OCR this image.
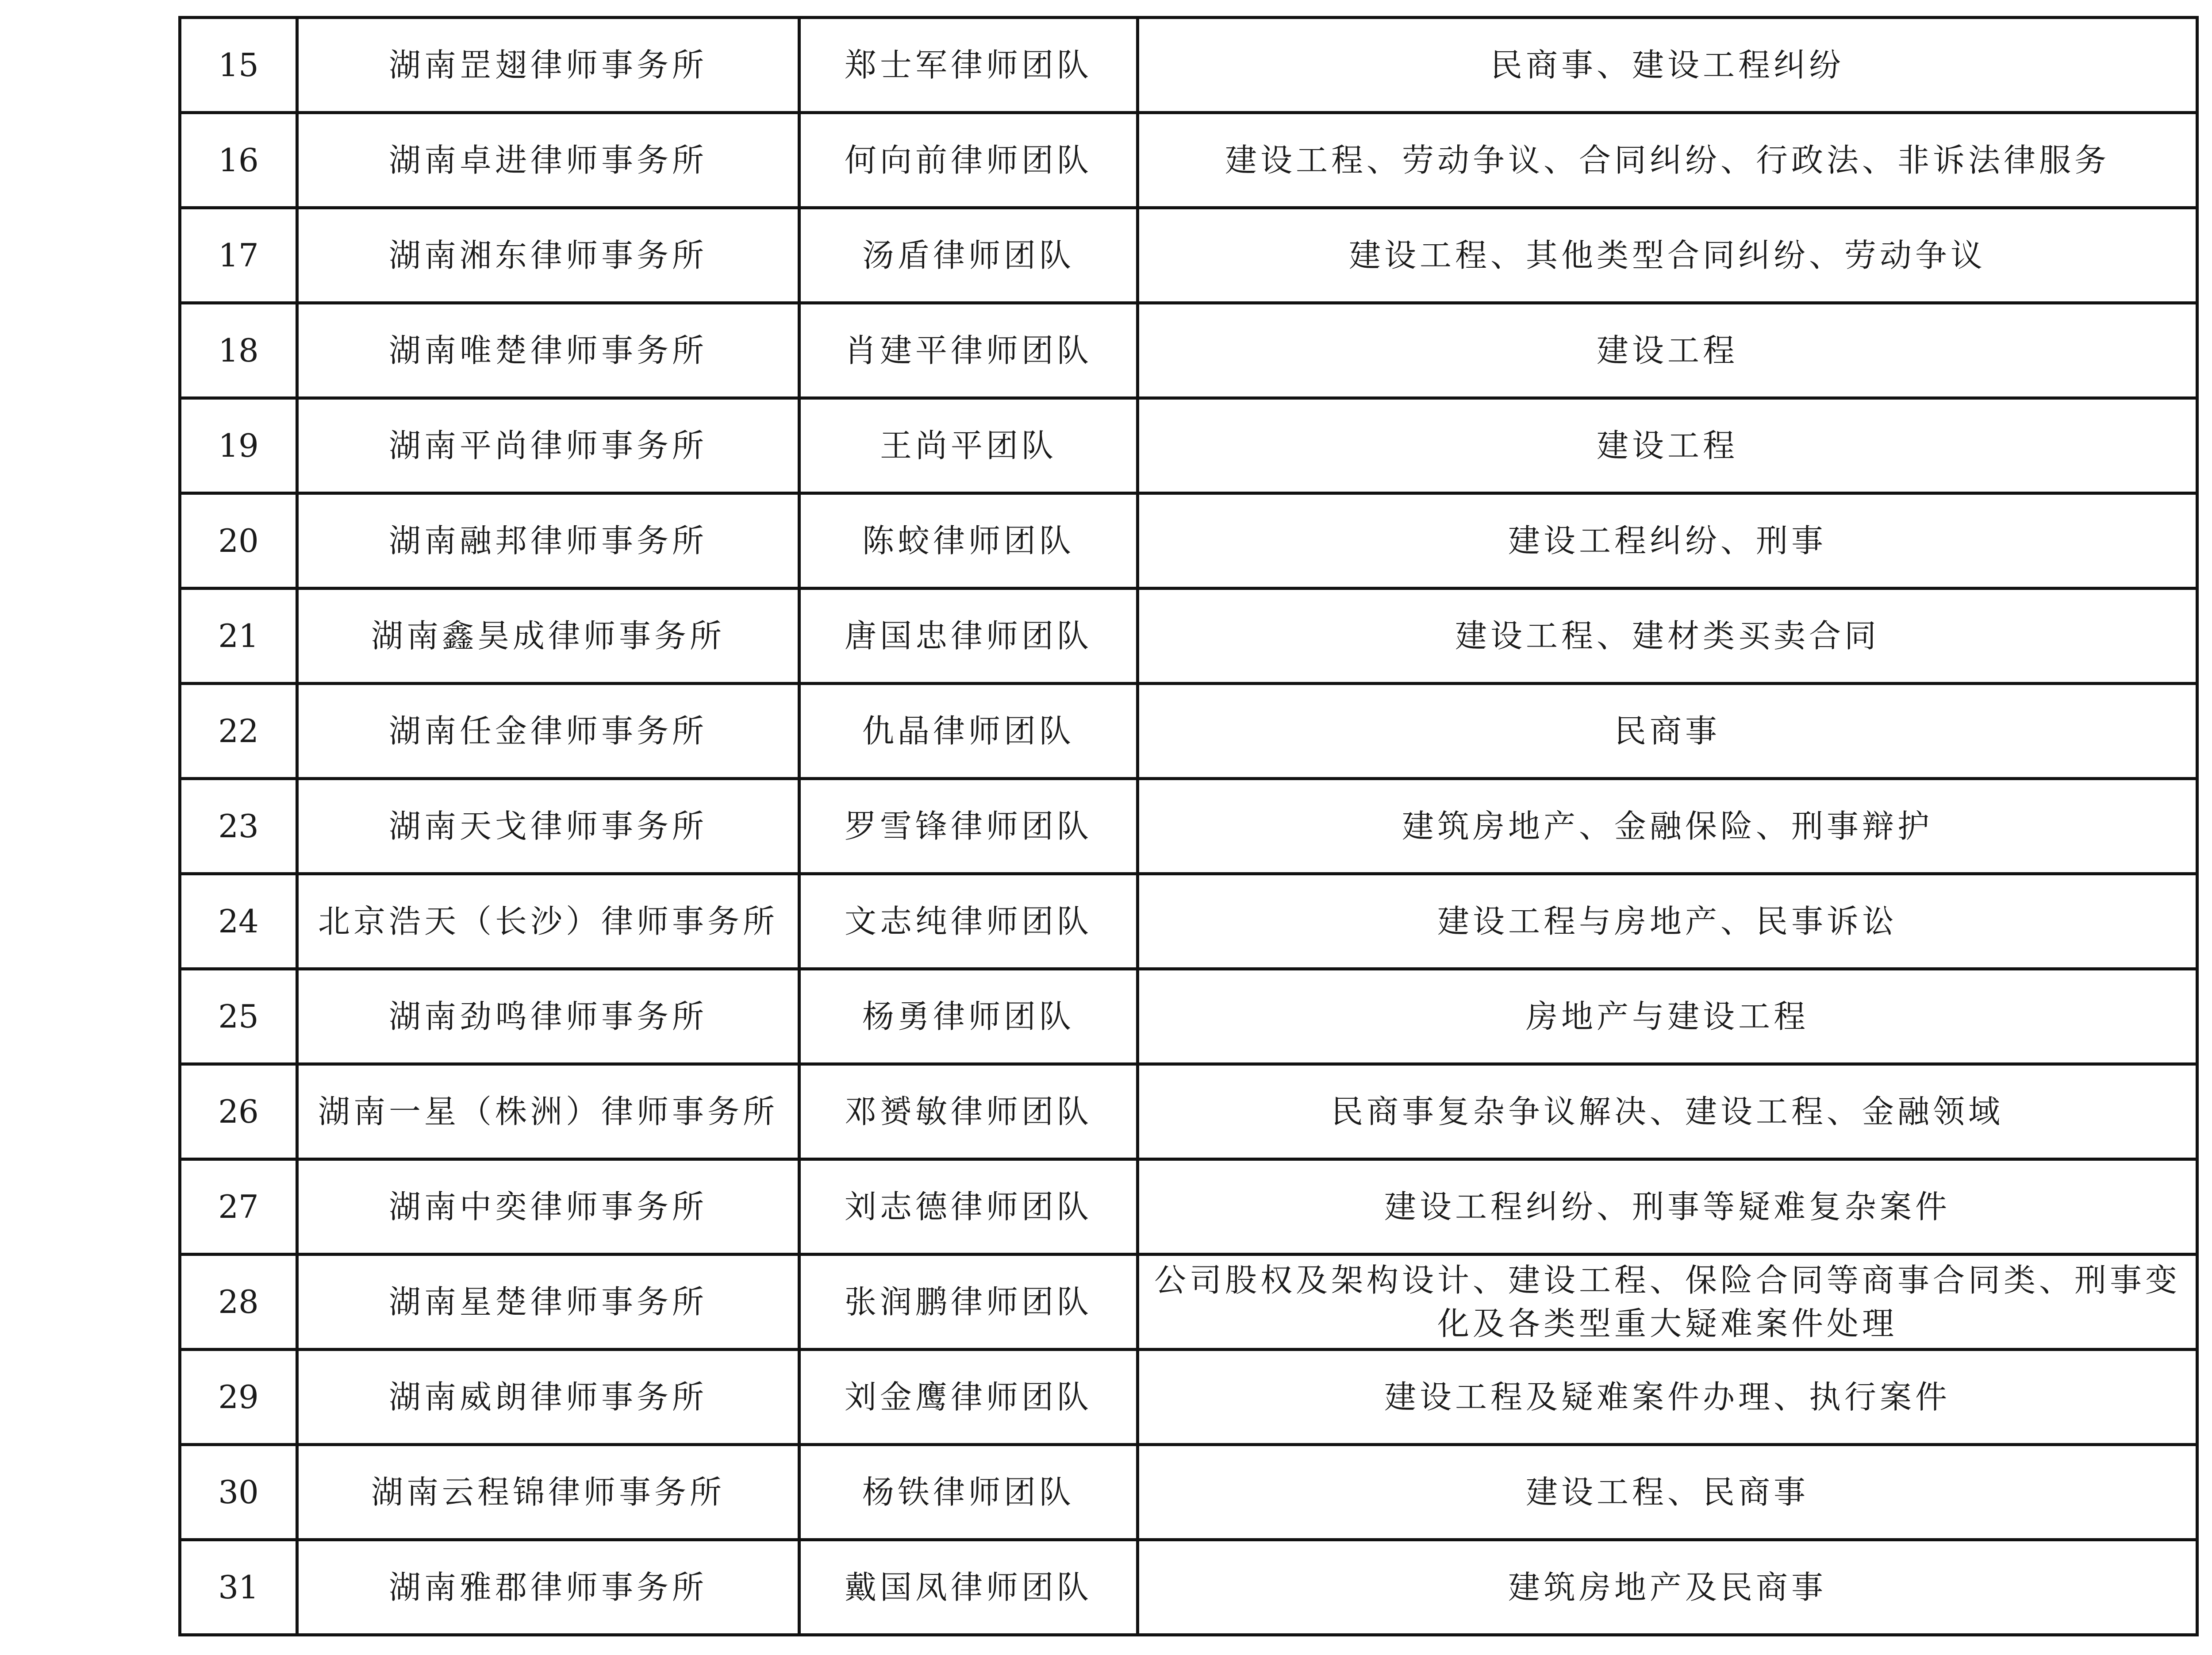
15	湖南罡翅律师事务所	郑士军律师团队	民商事、建设工程纠纷
16	湖南卓进律师事务所	何向前律师团队	建设工程、劳动争议、合同纠纷、行政法、非诉法律服务
17	湖南湘东律师事务所	汤盾律师团队	建设工程、其他类型合同纠纷、劳动争议
18	湖南唯楚律师事务所	肖建平律师团队	建设工程
19	湖南平尚律师事务所	王尚平团队	建设工程
20	湖南融邦律师事务所	陈蛟律师团队	建设工程纠纷、刑事
21	湖南鑫昊成律师事务所	唐国忠律师团队	建设工程、建材类买卖合同
22	湖南任金律师事务所	仇晶律师团队	民商事
23	湖南天戈律师事务所	罗雪锋律师团队	建筑房地产、金融保险、刑事辩护
24	北京浩天（长沙）律师事务所	文志纯律师团队	建设工程与房地产、民事诉讼
25	湖南劲鸣律师事务所	杨勇律师团队	房地产与建设工程
26	湖南一星（株洲）律师事务所	邓赟敏律师团队	民商事复杂争议解决、建设工程、金融领域
27	湖南中奕律师事务所	刘志德律师团队	建设工程纠纷、刑事等疑难复杂案件
28	湖南星楚律师事务所	张润鹏律师团队	公司股权及架构设计、建设工程、保险合同等商事合同类、刑事变化及各类型重大疑难案件处理
29	湖南威朗律师事务所	刘金鹰律师团队	建设工程及疑难案件办理、执行案件
30	湖南云程锦律师事务所	杨铁律师团队	建设工程、民商事
31	湖南雅郡律师事务所	戴国凤律师团队	建筑房地产及民商事
